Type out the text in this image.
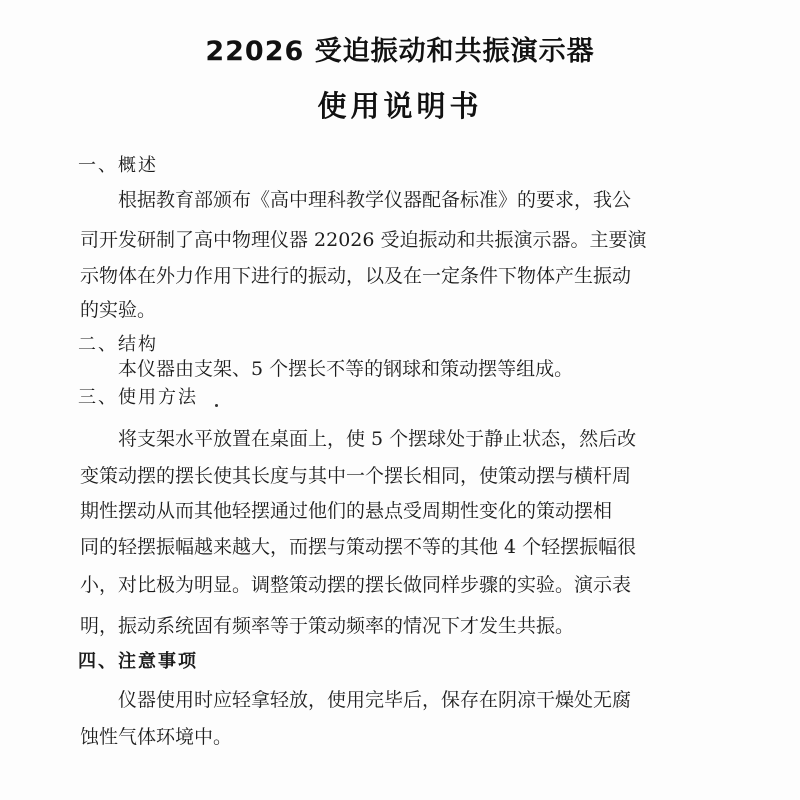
22026 受迫振动和共振演示器
使用说明书
一、概述
根据教育部颁布《高中理科教学仪器配备标准》的要求，我公
司开发研制了高中物理仪器 22026 受迫振动和共振演示器。主要演
示物体在外力作用下进行的振动，以及在一定条件下物体产生振动
的实验。
二、结构
本仪器由支架、5 个摆长不等的钢球和策动摆等组成。
三、使用方法
将支架水平放置在桌面上，使 5 个摆球处于静止状态，然后改
变策动摆的摆长使其长度与其中一个摆长相同，使策动摆与横杆周
期性摆动从而其他轻摆通过他们的悬点受周期性变化的策动摆相
同的轻摆振幅越来越大，而摆与策动摆不等的其他 4 个轻摆振幅很
小，对比极为明显。调整策动摆的摆长做同样步骤的实验。演示表
明，振动系统固有频率等于策动频率的情况下才发生共振。
四、注意事项
仪器使用时应轻拿轻放，使用完毕后，保存在阴凉干燥处无腐
蚀性气体环境中。
